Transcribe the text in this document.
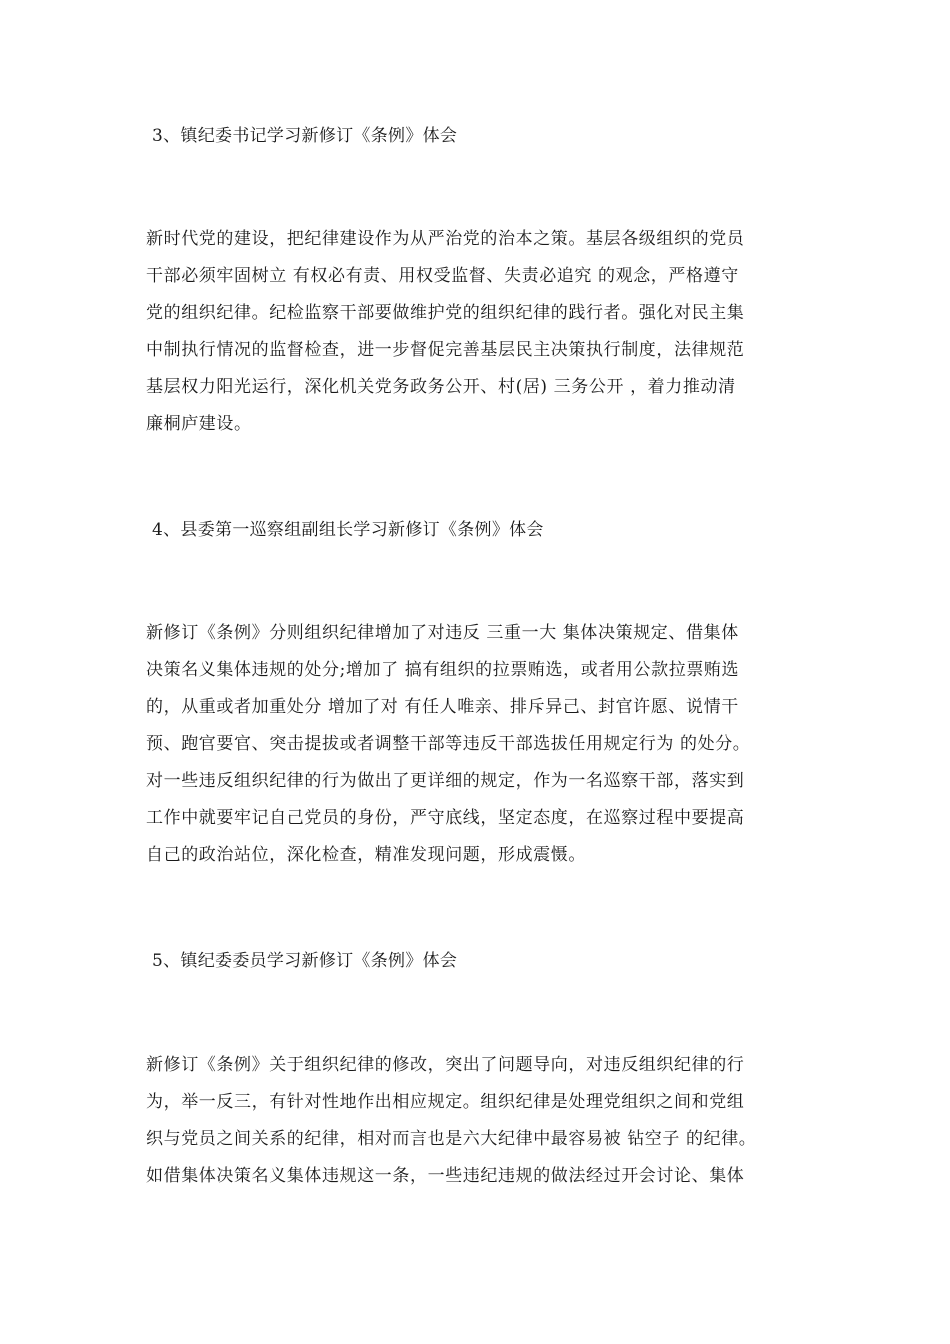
3、镇纪委书记学习新修订《条例》体会
新时代党的建设，把纪律建设作为从严治党的治本之策。基层各级组织的党员
干部必须牢固树立 有权必有责、用权受监督、失责必追究 的观念，严格遵守
党的组织纪律。纪检监察干部要做维护党的组织纪律的践行者。强化对民主集
中制执行情况的监督检查，进一步督促完善基层民主决策执行制度，法律规范
基层权力阳光运行，深化机关党务政务公开、村(居) 三务公开 ，着力推动清
廉桐庐建设。
4、县委第一巡察组副组长学习新修订《条例》体会
新修订《条例》分则组织纪律增加了对违反 三重一大 集体决策规定、借集体
决策名义集体违规的处分;增加了 搞有组织的拉票贿选，或者用公款拉票贿选
的，从重或者加重处分 增加了对 有任人唯亲、排斥异己、封官许愿、说情干
预、跑官要官、突击提拔或者调整干部等违反干部选拔任用规定行为 的处分。
对一些违反组织纪律的行为做出了更详细的规定，作为一名巡察干部，落实到
工作中就要牢记自己党员的身份，严守底线，坚定态度，在巡察过程中要提高
自己的政治站位，深化检查，精准发现问题，形成震慑。
5、镇纪委委员学习新修订《条例》体会
新修订《条例》关于组织纪律的修改，突出了问题导向，对违反组织纪律的行
为，举一反三，有针对性地作出相应规定。组织纪律是处理党组织之间和党组
织与党员之间关系的纪律，相对而言也是六大纪律中最容易被 钻空子 的纪律。
如借集体决策名义集体违规这一条，一些违纪违规的做法经过开会讨论、集体
